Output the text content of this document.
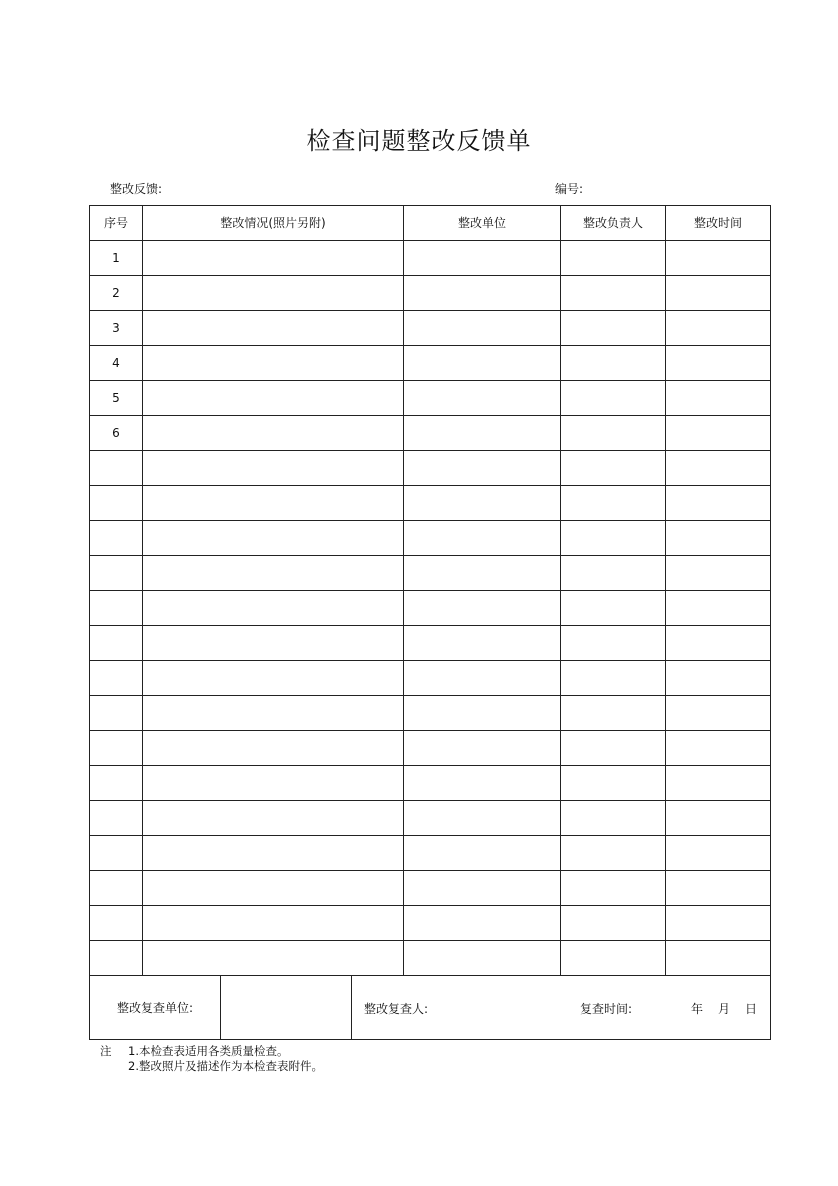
检查问题整改反馈单
整改反馈:	编号:
序号	整改情况(照片另附)	整改单位	整改负责人	整改时间
1				
2				
3				
4				
5				
6				

整改复查单位:		整改复查人:	复查时间:	年 月 日
注	1.本检查表适用各类质量检查。
2.整改照片及描述作为本检查表附件。
